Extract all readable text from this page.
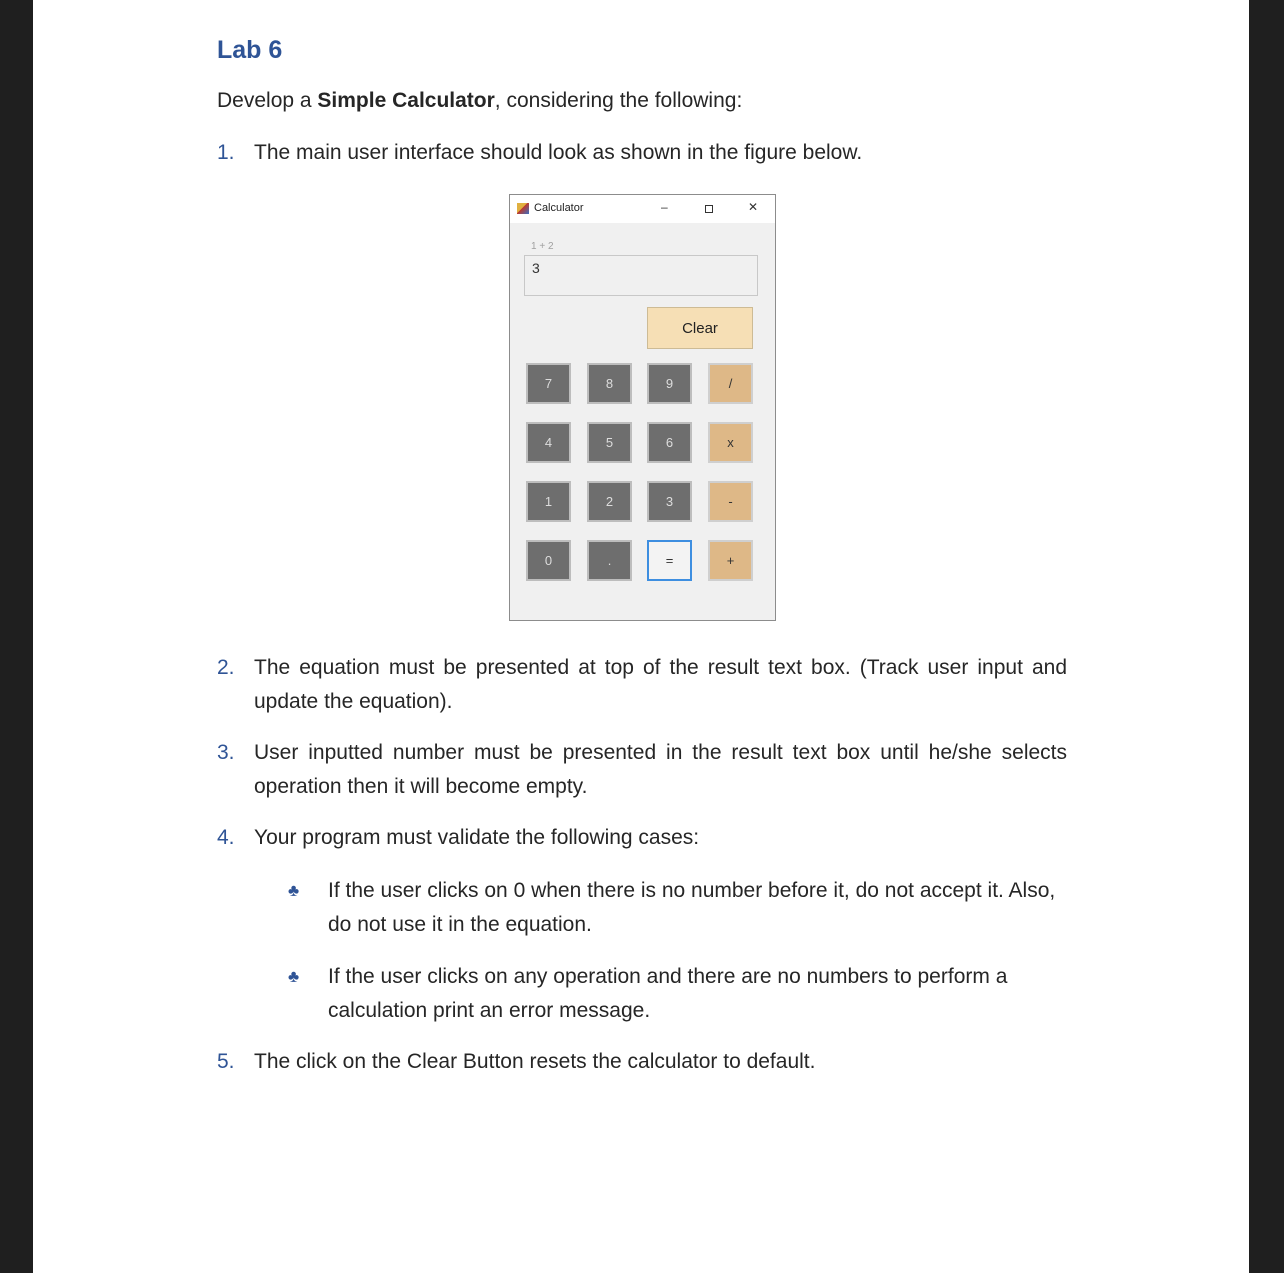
Lab 6
Develop a Simple Calculator, considering the following:
1. The main user interface should look as shown in the figure below.
Calculator	–	✕
1 + 2
3
Clear
7	8	9	/
4	5	6	x
1	2	3	-
0	.	=	+
2. The equation must be presented at top of the result text box. (Track user input and update the equation).
3. User inputted number must be presented in the result text box until he/she selects operation then it will become empty.
4. Your program must validate the following cases:
♣ If the user clicks on 0 when there is no number before it, do not accept it. Also, do not use it in the equation.
♣ If the user clicks on any operation and there are no numbers to perform a calculation print an error message.
5. The click on the Clear Button resets the calculator to default.
